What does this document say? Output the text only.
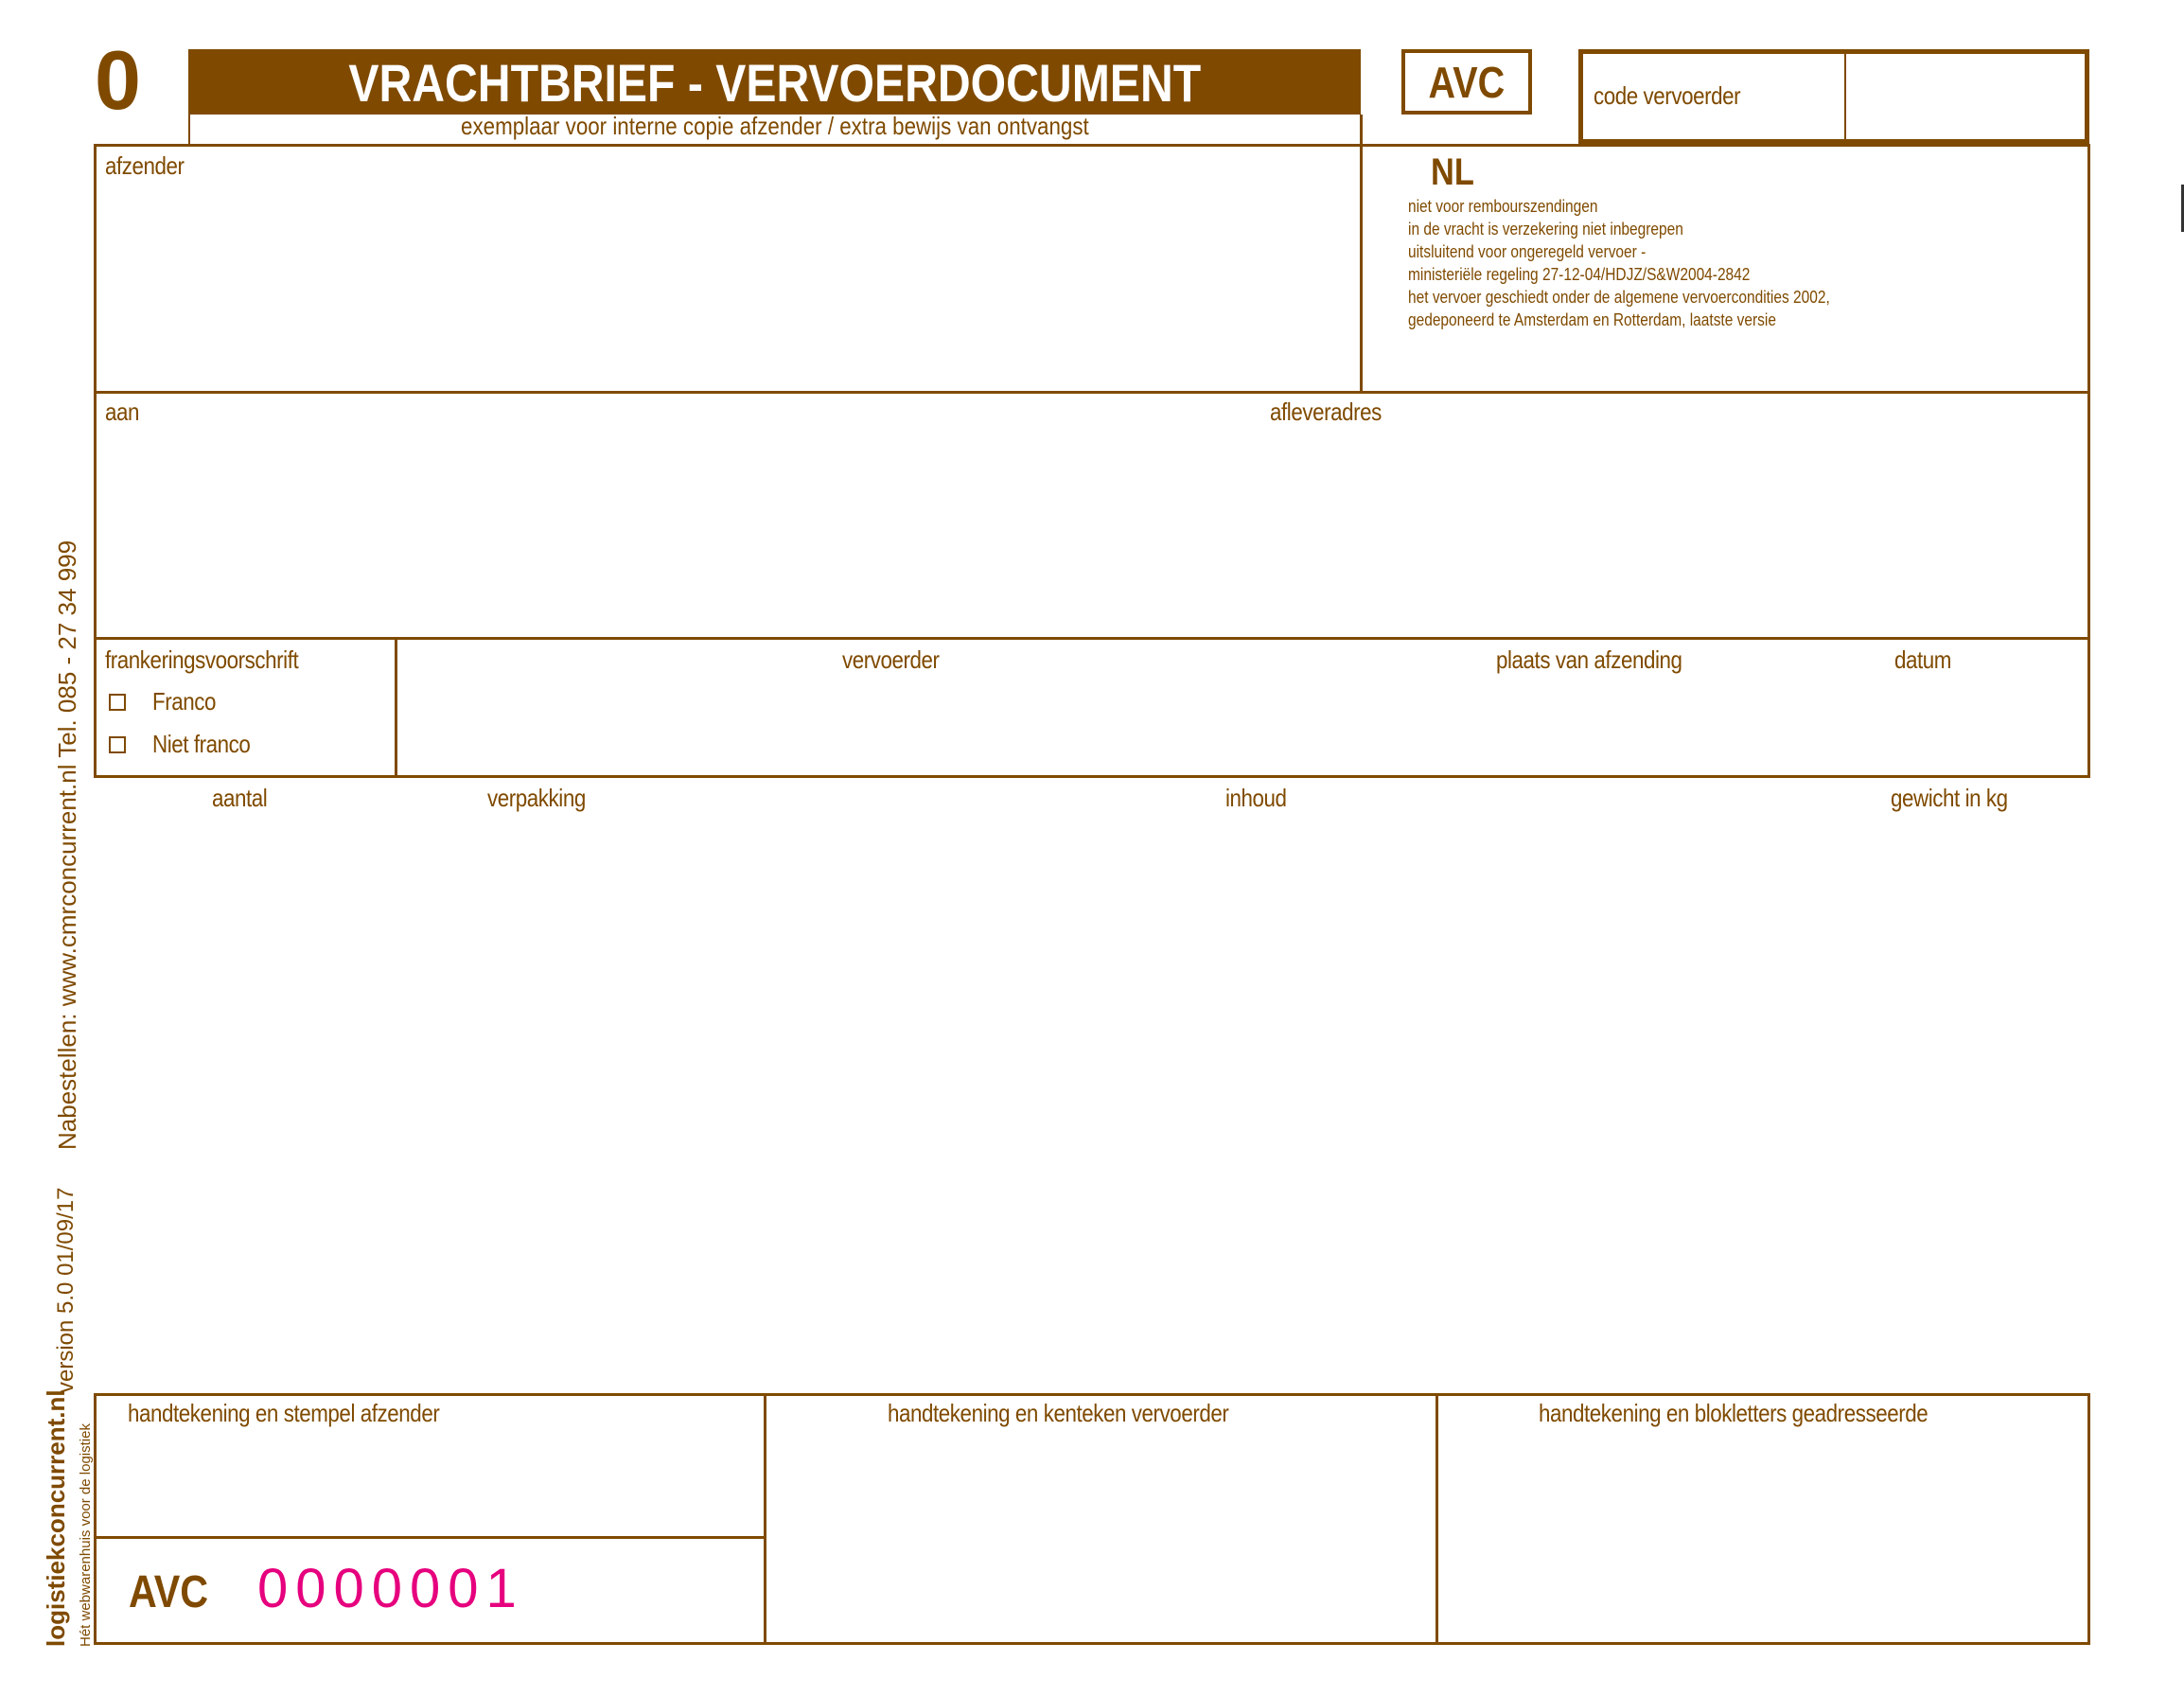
0	VRACHTBRIEF - VERVOERDOCUMENT
exemplaar voor interne copie afzender / extra bewijs van ontvangst
AVC	code vervoerder
afzender	NL
niet voor rembourszendingen
in de vracht is verzekering niet inbegrepen
uitsluitend voor ongeregeld vervoer -
ministeriële regeling 27-12-04/HDJZ/S&W2004-2842
het vervoer geschiedt onder de algemene vervoercondities 2002,
gedeponeerd te Amsterdam en Rotterdam, laatste versie
aan	afleveradres
frankeringsvoorschrift
Franco
Niet franco
vervoerder	plaats van afzending	datum
aantal	verpakking	inhoud	gewicht in kg
handtekening en stempel afzender	handtekening en kenteken vervoerder	handtekening en blokletters geadresseerde
AVC 0000001
Nabestellen: www.cmrconcurrent.nl Tel. 085 - 27 34 999
version 5.0 01/09/17
logistiekconcurrent.nl Hét webwarenhuis voor de logistiek
